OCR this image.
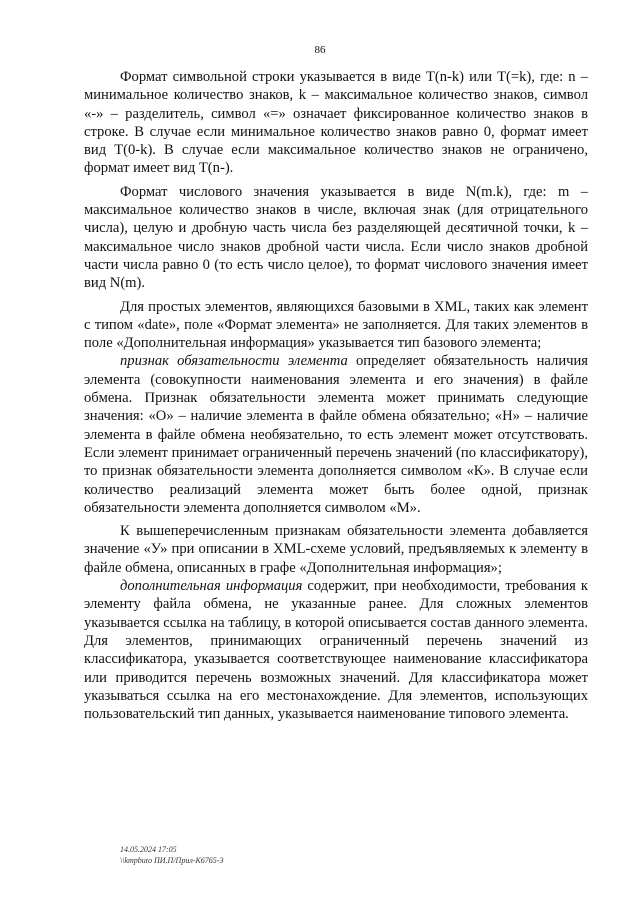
86

Формат символьной строки указывается в виде T(n-k) или T(=k), где: n – минимальное количество знаков, k – максимальное количество знаков, символ «-» – разделитель, символ «=» означает фиксированное количество знаков в строке. В случае если минимальное количество знаков равно 0, формат имеет вид T(0-k). В случае если максимальное количество знаков не ограничено, формат имеет вид T(n-).

Формат числового значения указывается в виде N(m.k), где: m – максимальное количество знаков в числе, включая знак (для отрицательного числа), целую и дробную часть числа без разделяющей десятичной точки, k – максимальное число знаков дробной части числа. Если число знаков дробной части числа равно 0 (то есть число целое), то формат числового значения имеет вид N(m).

Для простых элементов, являющихся базовыми в XML, таких как элемент с типом «date», поле «Формат элемента» не заполняется. Для таких элементов в поле «Дополнительная информация» указывается тип базового элемента;

признак обязательности элемента определяет обязательность наличия элемента (совокупности наименования элемента и его значения) в файле обмена. Признак обязательности элемента может принимать следующие значения: «О» – наличие элемента в файле обмена обязательно; «Н» – наличие элемента в файле обмена необязательно, то есть элемент может отсутствовать. Если элемент принимает ограниченный перечень значений (по классификатору), то признак обязательности элемента дополняется символом «К». В случае если количество реализаций элемента может быть более одной, признак обязательности элемента дополняется символом «М».

К вышеперечисленным признакам обязательности элемента добавляется значение «У» при описании в XML-схеме условий, предъявляемых к элементу в файле обмена, описанных в графе «Дополнительная информация»;

дополнительная информация содержит, при необходимости, требования к элементу файла обмена, не указанные ранее. Для сложных элементов указывается ссылка на таблицу, в которой описывается состав данного элемента. Для элементов, принимающих ограниченный перечень значений из классификатора, указывается соответствующее наименование классификатора или приводится перечень возможных значений. Для классификатора может указываться ссылка на его местонахождение. Для элементов, использующих пользовательский тип данных, указывается наименование типового элемента.

14.05.2024 17:05
\\kmpbuto ПИ.П/Прил-К6765-3
